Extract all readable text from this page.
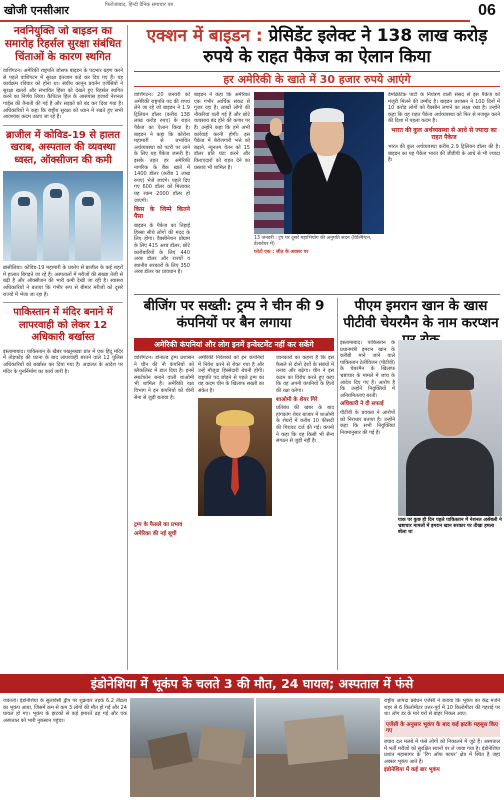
खोजी एनसीआर	फिरोजाबाद, हिन्दी दैनिक समाचार पत्र	06
नवनियुक्ति जो बाइडन का समारोह रिहर्सल सुरक्षा संबंधित चिंताओं के कारण स्थगित
वाशिंगटन। अमेरिकी राष्ट्रपति जोसफ बाइडन के पदभार ग्रहण करने से पहले वाशिंगटन में सुरक्षा इंतजाम कड़े कर दिए गए हैं। यह कार्यक्रम रविवार को होना था। संघीय कानून प्रवर्तन एजेंसियों ने सुरक्षा खतरों और संभावित हिंसा को देखते हुए रिहर्सल स्थगित करने का निर्णय लिया। कैपिटल हिल के आसपास हजारों नेशनल गार्ड्स की तैनाती की गई है और सड़कों को बंद कर दिया गया है। अधिकारियों ने कहा कि राष्ट्रीय सुरक्षा को ध्यान में रखते हुए सभी आवश्यक कदम उठाए जा रहे हैं।
ब्राजील में कोविड-19 से हालत खराब, अस्पताल की व्यवस्था ध्वस्त, ऑक्सीजन की कमी
ब्रासीलिया। कोविड-19 महामारी के प्रकोप से ब्राजील के कई शहरों में हालात बिगड़ते जा रहे हैं। अस्पतालों में मरीजों की संख्या तेजी से बढ़ी है और ऑक्सीजन की भारी कमी देखी जा रही है। स्वास्थ्य अधिकारियों ने बताया कि गंभीर रूप से बीमार मरीजों को दूसरे राज्यों में भेजा जा रहा है।
पाकिस्तान में मंदिर बनाने में लापरवाही को लेकर 12 अधिकारी बर्खास्त
इस्लामाबाद। पाकिस्तान के खैबर पख्तूनख्वा प्रांत में एक हिंदू मंदिर में तोड़फोड़ की घटना के बाद लापरवाही बरतने वाले 12 पुलिस अधिकारियों को बर्खास्त कर दिया गया है। अदालत के आदेश पर मंदिर के पुनर्निर्माण का कार्य जारी है।
एक्शन में बाइडन : प्रेसिडेंट इलेक्ट ने 138 लाख करोड़ रुपये के राहत पैकेज का ऐलान किया
हर अमेरिकी के खाते में 30 हजार रुपये आएंगे
वाशिंगटन। 20 जनवरी को अमेरिकी राष्ट्रपति पद की शपथ लेने जा रहे जो बाइडन ने 1.9 ट्रिलियन डॉलर (करीब 138 लाख करोड़ रुपए) के राहत पैकेज का ऐलान किया है। बाइडन ने कहा कि कोरोना महामारी से प्रभावित अर्थव्यवस्था को पटरी पर लाने के लिए यह पैकेज जरूरी है। इसके तहत हर अमेरिकी नागरिक के बैंक खाते में 1400 डॉलर (करीब 1 लाख रुपए) भेजे जाएंगे। पहले दिए गए 600 डॉलर को मिलाकर यह रकम 2000 डॉलर हो जाएगी।
किस के जिम्मे कितने पैसा
बाइडन के पैकेज का तिहाई हिस्सा सीधे लोगों की मदद के लिए होगा। वैक्सीनेशन प्रोग्राम के लिए 415 अरब डॉलर, छोटे कारोबारियों के लिए 440 अरब डॉलर और राज्यों व स्थानीय सरकारों के लिए 350 अरब डॉलर का प्रावधान है।
बाइडन ने कहा कि अमेरिका एक गंभीर आर्थिक संकट से गुजर रहा है। लाखों लोगों की नौकरियां चली गई हैं और छोटे व्यवसाय बंद होने की कगार पर हैं। उन्होंने कहा कि हमें अभी कार्रवाई करनी होगी। इस पैकेज में बेरोजगारी भत्ते को बढ़ाने, न्यूनतम वेतन को 15 डॉलर प्रति घंटा करने और किराएदारों को राहत देने का प्रस्ताव भी शामिल है।
13 जनवरी : ट्रंप पर दूसरे महाभियोग की अनुमति सदन (विल्मिंग्टन, डेलावेयर में)
फोटो एक : जीत के अवसर पर
डेमोक्रेटिक पार्टी के नियंत्रण वाली संसद से इस पैकेज को मंजूरी मिलने की उम्मीद है। बाइडन प्रशासन ने 100 दिनों में 10 करोड़ लोगों को वैक्सीन लगाने का लक्ष्य रखा है। उन्होंने कहा कि यह राहत पैकेज अर्थव्यवस्था को फिर से मजबूत करने की दिशा में पहला कदम है।
भारत की कुल अर्थव्यवस्था से आधे से ज्यादा का राहत पैकेज
भारत की कुल अर्थव्यवस्था करीब 2.9 ट्रिलियन डॉलर की है। बाइडन का यह पैकेज भारत की जीडीपी के आधे से भी ज्यादा है।
बीजिंग पर सख्ती: ट्रम्प ने चीन की 9 कंपनियों पर बैन लगाया
अमेरिकी कंपनियां और लोग इनमें इन्वेस्टमेंट नहीं कर सकेंगे
वाशिंगटन। डोनाल्ड ट्रम्प प्रशासन ने चीन की नौ कंपनियों को ब्लैकलिस्ट में डाल दिया है। इनमें स्मार्टफोन बनाने वाली शाओमी भी शामिल है। अमेरिकी रक्षा विभाग ने इन कंपनियों को चीनी सेना से जुड़ी बताया है।
अमेरिकी निवेशकों को इन कंपनियों में निवेश करने से रोका गया है और उन्हें मौजूदा हिस्सेदारी बेचनी होगी। राष्ट्रपति पद छोड़ने से पहले ट्रम्प का यह कदम चीन के खिलाफ सख्ती का संकेत है।
जानकारों का कहना है कि इस फैसले से दोनों देशों के संबंधों में तनाव और बढ़ेगा। चीन ने इस कदम का विरोध करते हुए कहा कि वह अपनी कंपनियों के हितों की रक्षा करेगा।
शाओमी के शेयर गिरे
प्रतिबंध की खबर के बाद हांगकांग शेयर बाजार में शाओमी के शेयरों में करीब 10 फीसदी की गिरावट दर्ज की गई। कंपनी ने कहा कि वह किसी भी सैन्य संगठन से जुड़ी नहीं है।
ट्रम्प के फैसले का प्रभाव
अमेरिका की नई सूची
पीएम इमरान खान के खास पीटीवी चेयरमैन के नाम करप्शन
इस्लामाबाद। पाकिस्तान के प्रधानमंत्री इमरान खान के करीबी माने जाने वाले पाकिस्तान टेलीविजन (पीटीवी) के चेयरमैन के खिलाफ भ्रष्टाचार के मामले में जांच के आदेश दिए गए हैं। आरोप है कि उन्होंने नियुक्तियों में अनियमितताएं बरतीं।
अधिकारी ने दी सफाई
पीटीवी के प्रवक्ता ने आरोपों को निराधार बताया है। उन्होंने कहा कि सभी नियुक्तियां नियमानुसार की गई हैं।
पाक पर कुछ ही दिन पहले पाकिस्तान में नेशनल असेंबली ने भ्रष्टाचार मामलों में इमरान खान सरकार पर तीखा हमला बोला था
इंडोनेशिया में भूकंप के चलते 3 की मौत, 24 घायल; अस्पताल में फंसे
जकार्ता। इंडोनेशिया के सुलावेसी द्वीप पर शुक्रवार तड़के 6.2 तीव्रता का भूकंप आया, जिसमें कम से कम 3 लोगों की मौत हो गई और 24 घायल हो गए। भूकंप के झटकों से कई इमारतें ढह गईं और एक अस्पताल को भारी नुकसान पहुंचा।
राष्ट्रीय आपदा प्रबंधन एजेंसी ने बताया कि भूकंप का केंद्र मजेने शहर से 6 किलोमीटर उत्तर-पूर्व में 10 किलोमीटर की गहराई पर था। लोग डर के मारे घरों से बाहर निकल आए।
एजेंसी के अनुसार भूकंप के बाद कई झटके महसूस किए गए
बचाव दल मलबे में फंसे लोगों को निकालने में जुटे हैं। अस्पताल में भर्ती मरीजों को सुरक्षित स्थानों पर ले जाया गया है। इंडोनेशिया प्रशांत महासागर के 'रिंग ऑफ फायर' क्षेत्र में स्थित है जहां अक्सर भूकंप आते हैं।
इंडोनेशिया में कई बार भूकंप
